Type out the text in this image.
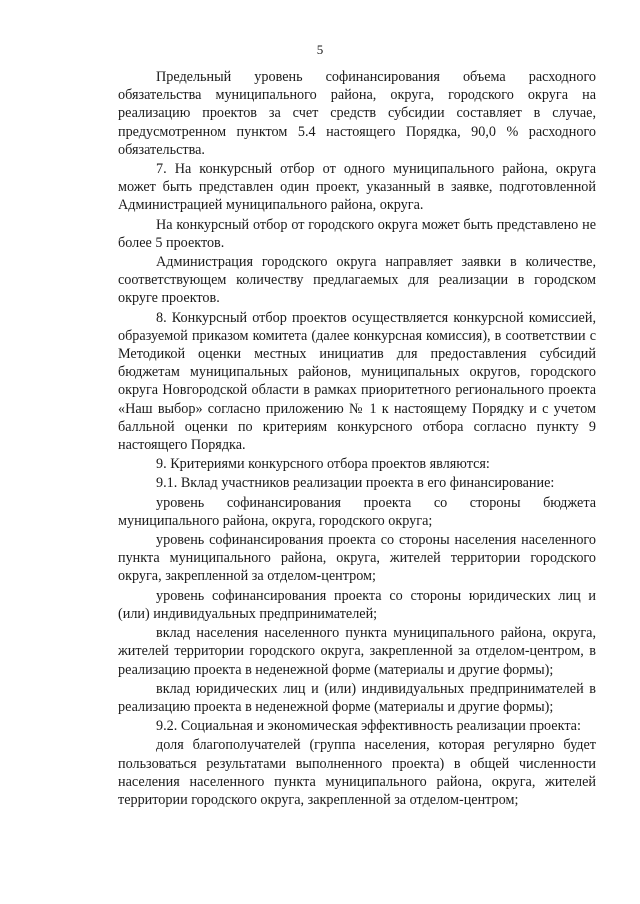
5

Предельный уровень софинансирования объема расходного обязательства муниципального района, округа, городского округа на реализацию проектов за счет средств субсидии составляет в случае, предусмотренном пунктом 5.4 настоящего Порядка, 90,0 % расходного обязательства.

7. На конкурсный отбор от одного муниципального района, округа может быть представлен один проект, указанный в заявке, подготовленной Администрацией муниципального района, округа.

На конкурсный отбор от городского округа может быть представлено не более 5 проектов.

Администрация городского округа направляет заявки в количестве, соответствующем количеству предлагаемых для реализации в городском округе проектов.

8. Конкурсный отбор проектов осуществляется конкурсной комиссией, образуемой приказом комитета (далее конкурсная комиссия), в соответствии с Методикой оценки местных инициатив для предоставления субсидий бюджетам муниципальных районов, муниципальных округов, городского округа Новгородской области в рамках приоритетного регионального проекта «Наш выбор» согласно приложению № 1 к настоящему Порядку и с учетом балльной оценки по критериям конкурсного отбора согласно пункту 9 настоящего Порядка.

9. Критериями конкурсного отбора проектов являются:

9.1. Вклад участников реализации проекта в его финансирование:

уровень софинансирования проекта со стороны бюджета муниципального района, округа, городского округа;

уровень софинансирования проекта со стороны населения населенного пункта муниципального района, округа, жителей территории городского округа, закрепленной за отделом-центром;

уровень софинансирования проекта со стороны юридических лиц и (или) индивидуальных предпринимателей;

вклад населения населенного пункта муниципального района, округа, жителей территории городского округа, закрепленной за отделом-центром, в реализацию проекта в неденежной форме (материалы и другие формы);

вклад юридических лиц и (или) индивидуальных предпринимателей в реализацию проекта в неденежной форме (материалы и другие формы);

9.2. Социальная и экономическая эффективность реализации проекта:

доля благополучателей (группа населения, которая регулярно будет пользоваться результатами выполненного проекта) в общей численности населения населенного пункта муниципального района, округа, жителей территории городского округа, закрепленной за отделом-центром;
